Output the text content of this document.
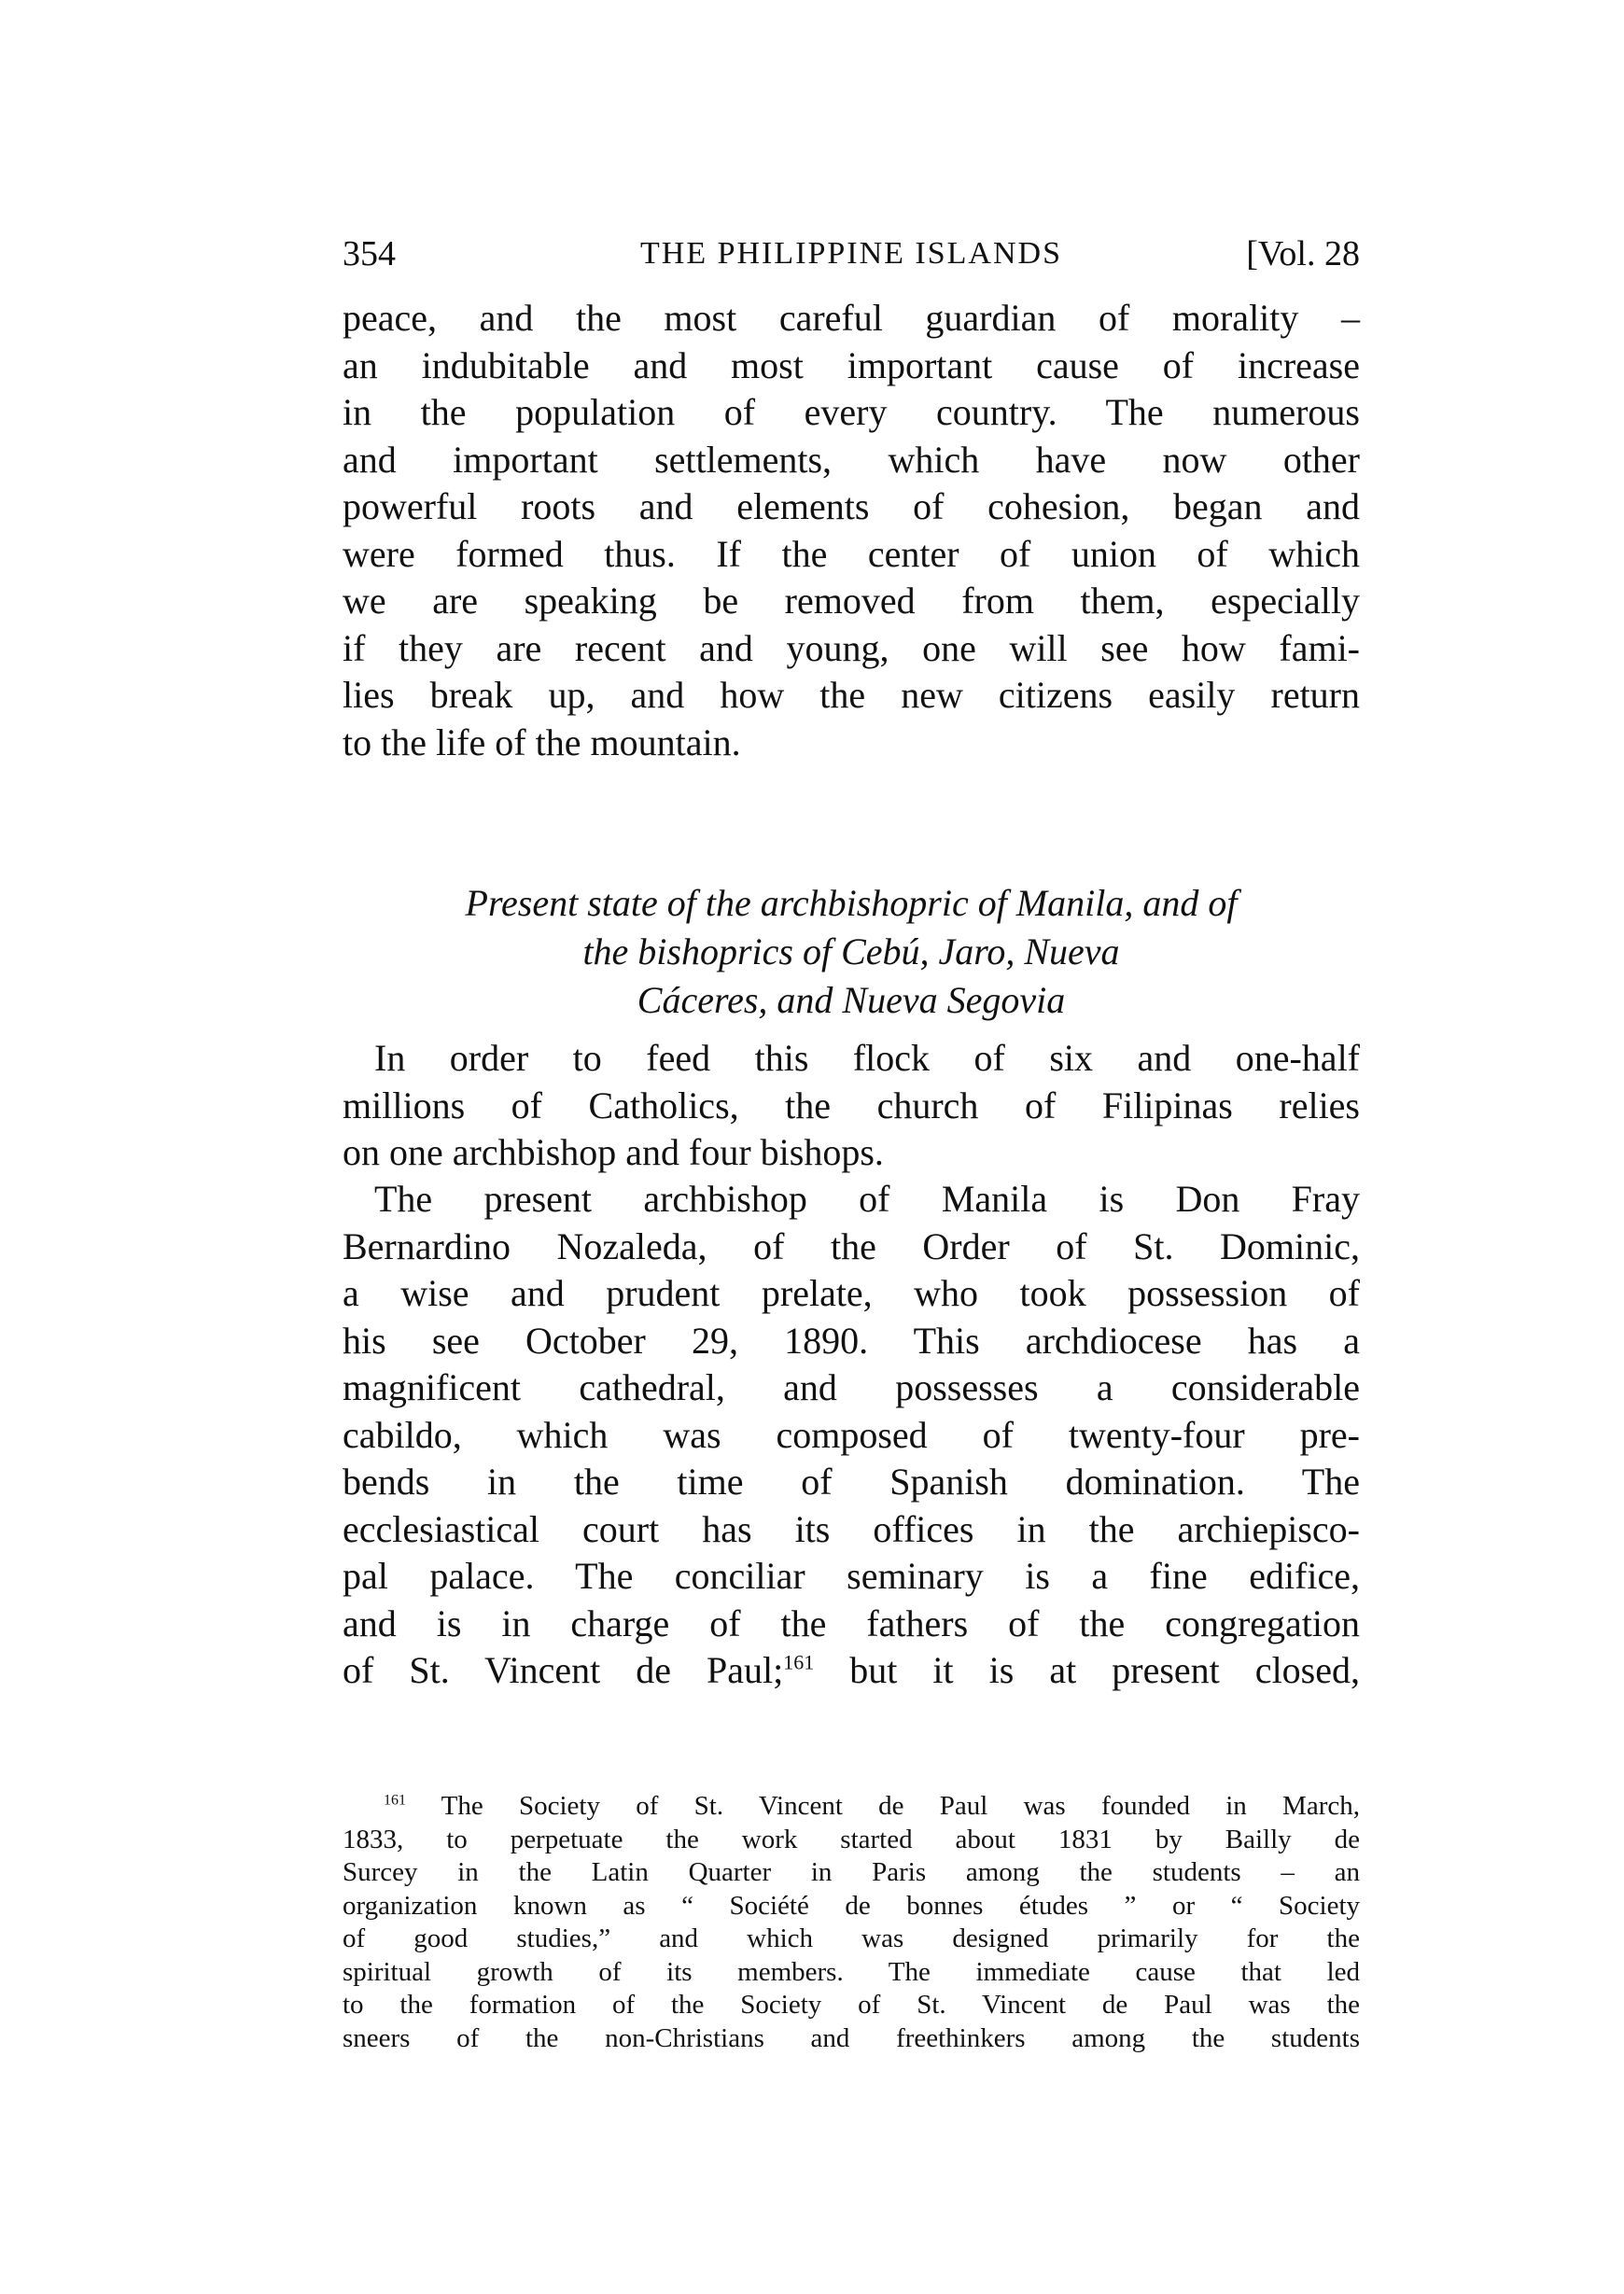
354	THE PHILIPPINE ISLANDS	[Vol. 28
peace, and the most careful guardian of morality –
an indubitable and most important cause of increase
in the population of every country. The numerous
and important settlements, which have now other
powerful roots and elements of cohesion, began and
were formed thus. If the center of union of which
we are speaking be removed from them, especially
if they are recent and young, one will see how fami-
lies break up, and how the new citizens easily return
to the life of the mountain.
Present state of the archbishopric of Manila, and of
the bishoprics of Cebú, Jaro, Nueva
Cáceres, and Nueva Segovia
In order to feed this flock of six and one-half
millions of Catholics, the church of Filipinas relies
on one archbishop and four bishops.
The present archbishop of Manila is Don Fray
Bernardino Nozaleda, of the Order of St. Dominic,
a wise and prudent prelate, who took possession of
his see October 29, 1890. This archdiocese has a
magnificent cathedral, and possesses a considerable
cabildo, which was composed of twenty-four pre-
bends in the time of Spanish domination. The
ecclesiastical court has its offices in the archiepisco-
pal palace. The conciliar seminary is a fine edifice,
and is in charge of the fathers of the congregation
of St. Vincent de Paul;$^{161}$ but it is at present closed,
$^{161}$ The Society of St. Vincent de Paul was founded in March,
1833, to perpetuate the work started about 1831 by Bailly de
Surcey in the Latin Quarter in Paris among the students – an
organization known as “ Société de bonnes études ” or “ Society
of good studies,” and which was designed primarily for the
spiritual growth of its members. The immediate cause that led
to the formation of the Society of St. Vincent de Paul was the
sneers of the non-Christians and freethinkers among the students
